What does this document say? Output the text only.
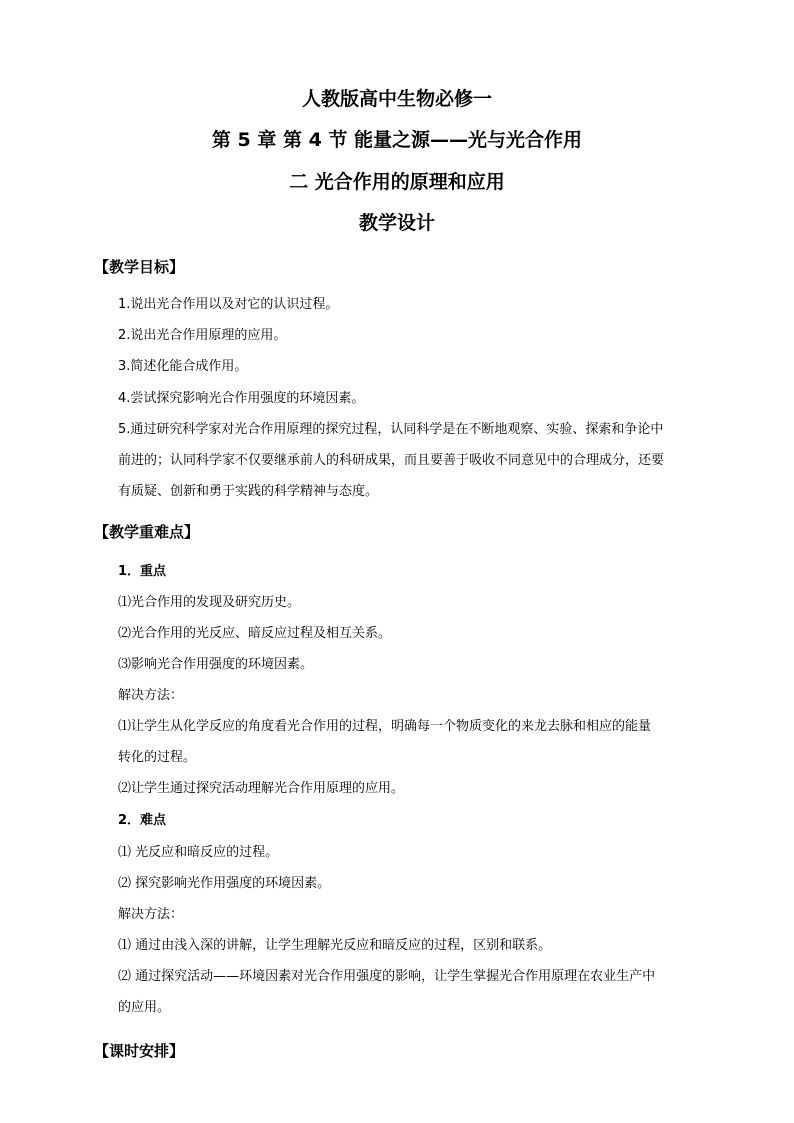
人教版高中生物必修一
第 5 章 第 4 节 能量之源——光与光合作用
二 光合作用的原理和应用
教学设计
【教学目标】
1.说出光合作用以及对它的认识过程。
2.说出光合作用原理的应用。
3.简述化能合成作用。
4.尝试探究影响光合作用强度的环境因素。
5.通过研究科学家对光合作用原理的探究过程，认同科学是在不断地观察、实验、探索和争论中
前进的；认同科学家不仅要继承前人的科研成果，而且要善于吸收不同意见中的合理成分，还要
有质疑、创新和勇于实践的科学精神与态度。
【教学重难点】
1．重点
⑴光合作用的发现及研究历史。
⑵光合作用的光反应、暗反应过程及相互关系。
⑶影响光合作用强度的环境因素。
解决方法：
⑴让学生从化学反应的角度看光合作用的过程，明确每一个物质变化的来龙去脉和相应的能量
转化的过程。
⑵让学生通过探究活动理解光合作用原理的应用。
2．难点
⑴ 光反应和暗反应的过程。
⑵ 探究影响光作用强度的环境因素。
解决方法：
⑴ 通过由浅入深的讲解，让学生理解光反应和暗反应的过程，区别和联系。
⑵ 通过探究活动——环境因素对光合作用强度的影响，让学生掌握光合作用原理在农业生产中
的应用。
【课时安排】
